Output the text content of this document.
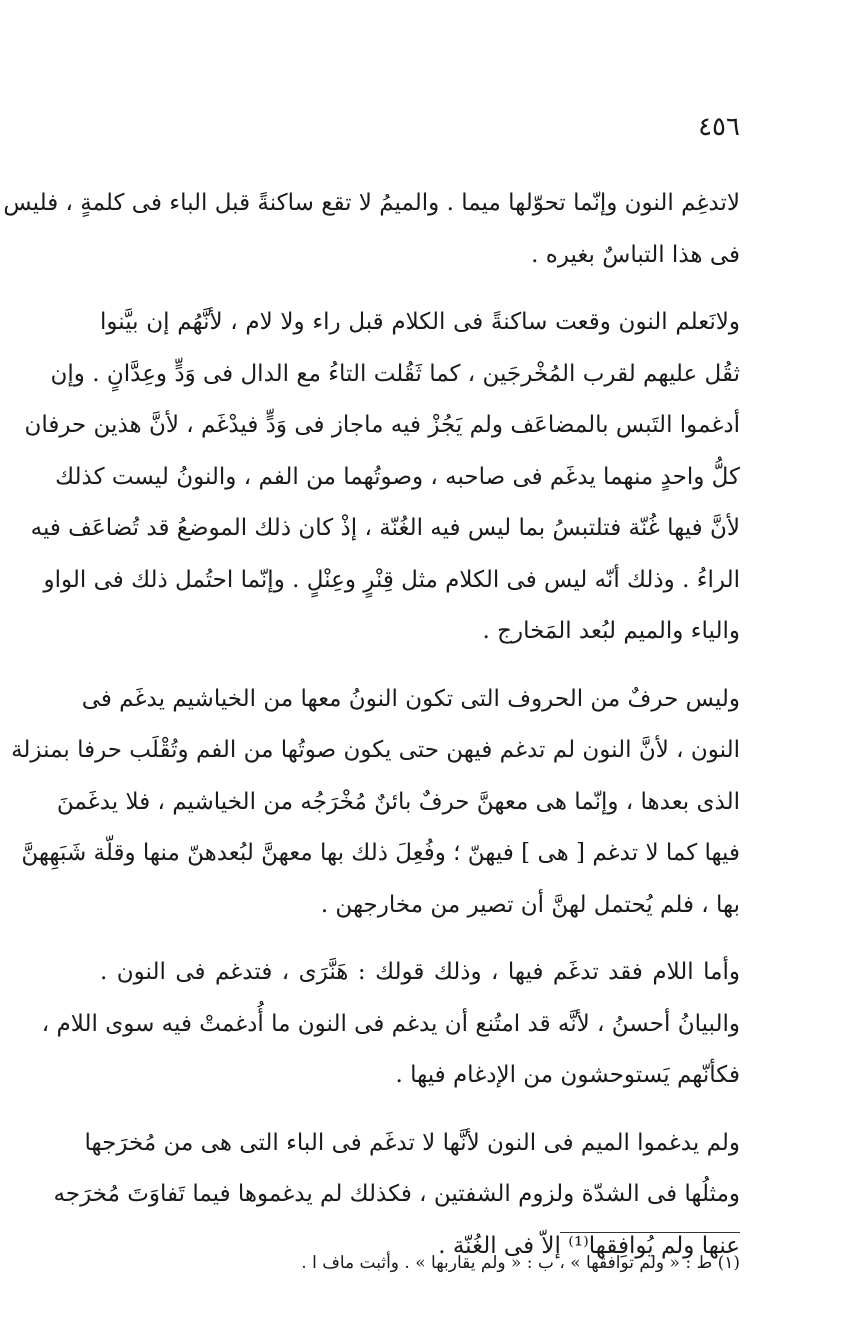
٤٥٦
لاتدغِم النون وإنّما تحوّلها ميما . والميمُ لا تقع ساكنةً قبل الباء فى كلمةٍ ، فليس
فى هذا التباسٌ بغيره .
ولانَعلم النون وقعت ساكنةً فى الكلام قبل راء ولا لام ، لأنَّهُم إن بيَّنوا
ثقُل عليهم لقرب المُخْرجَين ، كما ثَقُلت التاءُ مع الدال فى وَدٍّ وعِدَّانٍ . وإن
أدغموا التَبس بالمضاعَف ولم يَجُزْ فيه ماجاز فى وَدٍّ فيدْغَم ، لأنَّ هذين حرفان
كلُّ واحدٍ منهما يدغَم فى صاحبه ، وصوتُهما من الفم ، والنونُ ليست كذلك
لأنَّ فيها غُنّة فتلتبسُ بما ليس فيه الغُنّة ، إذْ كان ذلك الموضعُ قد تُضاعَف فيه
الراءُ . وذلك أنّه ليس فى الكلام مثل قِنْرٍ وعِنْلٍ . وإنّما احتُمل ذلك فى الواو
والياء والميم لبُعد المَخارج .
وليس حرفٌ من الحروف التى تكون النونُ معها من الخياشيم يدغَم فى
النون ، لأنَّ النون لم تدغم فيهن حتى يكون صوتُها من الفم وتُقْلَب حرفا بمنزلة
الذى بعدها ، وإنّما هى معهنَّ حرفٌ بائنٌ مُخْرَجُه من الخياشيم ، فلا يدغَمنَ
فيها كما لا تدغم [ هى ] فيهنّ ؛ وفُعِلَ ذلك بها معهنَّ لبُعدهنّ منها وقلّة شَبَهِهنَّ
بها ، فلم يُحتمل لهنَّ أن تصير من مخارجهن .
وأما اللام فقد تدغَم فيها ، وذلك قولك : هَنَّرَى ، فتدغم فى النون .
والبيانُ أحسنُ ، لأنَّه قد امتُنع أن يدغم فى النون ما أُدغمتْ فيه سوى اللام ،
فكأنّهم يَستوحشون من الإدغام فيها .
ولم يدغموا الميم فى النون لأنَّها لا تدغَم فى الباء التى هى من مُخرَجها
ومثلُها فى الشدّة ولزوم الشفتين ، فكذلك لم يدغموها فيما تَفاوَتَ مُخرَجه
عنها ولم يُوافِقها⁽¹⁾ إلاّ فى الغُنّة .
(١) ط : « ولم توافقها » ، ب : « ولم يقاربها » . وأثبت ماف ا .
